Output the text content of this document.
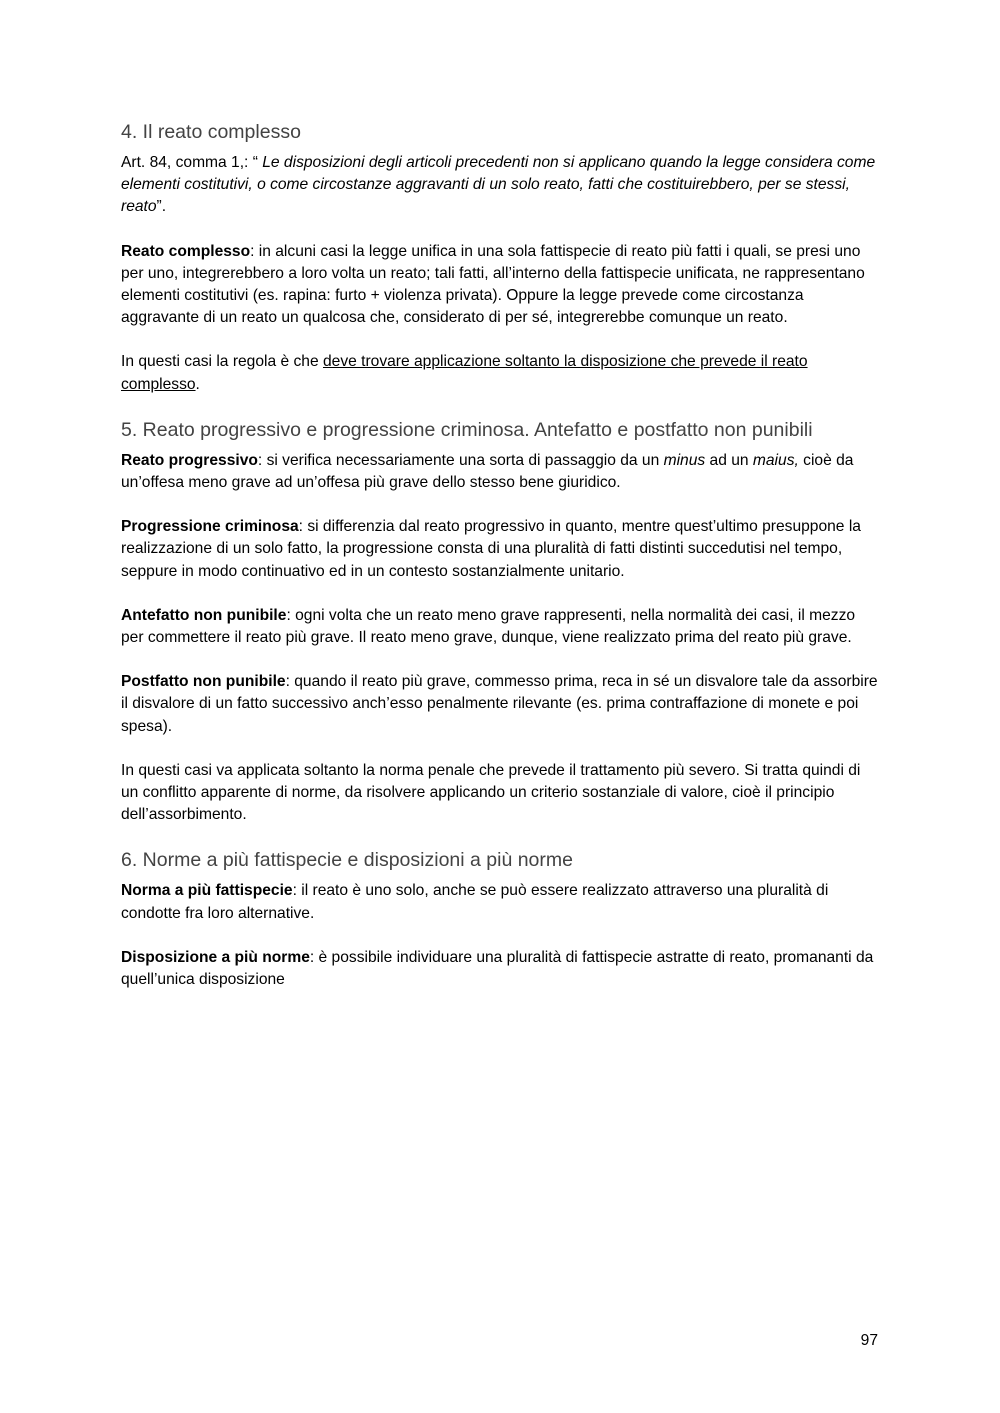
4. Il reato complesso

Art. 84, comma 1,: “ Le disposizioni degli articoli precedenti non si applicano quando la legge considera come elementi costitutivi, o come circostanze aggravanti di un solo reato, fatti che costituirebbero, per se stessi, reato”.

Reato complesso: in alcuni casi la legge unifica in una sola fattispecie di reato più fatti i quali, se presi uno per uno, integrerebbero a loro volta un reato; tali fatti, all’interno della fattispecie unificata, ne rappresentano elementi costitutivi (es. rapina: furto + violenza privata). Oppure la legge prevede come circostanza aggravante di un reato un qualcosa che, considerato di per sé, integrerebbe comunque un reato.

In questi casi la regola è che deve trovare applicazione soltanto la disposizione che prevede il reato complesso.

5. Reato progressivo e progressione criminosa. Antefatto e postfatto non punibili

Reato progressivo: si verifica necessariamente una sorta di passaggio da un minus ad un maius, cioè da un’offesa meno grave ad un’offesa più grave dello stesso bene giuridico.

Progressione criminosa: si differenzia dal reato progressivo in quanto, mentre quest’ultimo presuppone la realizzazione di un solo fatto, la progressione consta di una pluralità di fatti distinti succedutisi nel tempo, seppure in modo continuativo ed in un contesto sostanzialmente unitario.

Antefatto non punibile: ogni volta che un reato meno grave rappresenti, nella normalità dei casi, il mezzo per commettere il reato più grave. Il reato meno grave, dunque, viene realizzato prima del reato più grave.

Postfatto non punibile: quando il reato più grave, commesso prima, reca in sé un disvalore tale da assorbire il disvalore di un fatto successivo anch’esso penalmente rilevante (es. prima contraffazione di monete e poi spesa).

In questi casi va applicata soltanto la norma penale che prevede il trattamento più severo. Si tratta quindi di un conflitto apparente di norme, da risolvere applicando un criterio sostanziale di valore, cioè il principio dell’assorbimento.

6. Norme a più fattispecie e disposizioni a più norme

Norma a più fattispecie: il reato è uno solo, anche se può essere realizzato attraverso una pluralità di condotte fra loro alternative.

Disposizione a più norme: è possibile individuare una pluralità di fattispecie astratte di reato, promananti da quell’unica disposizione

97
